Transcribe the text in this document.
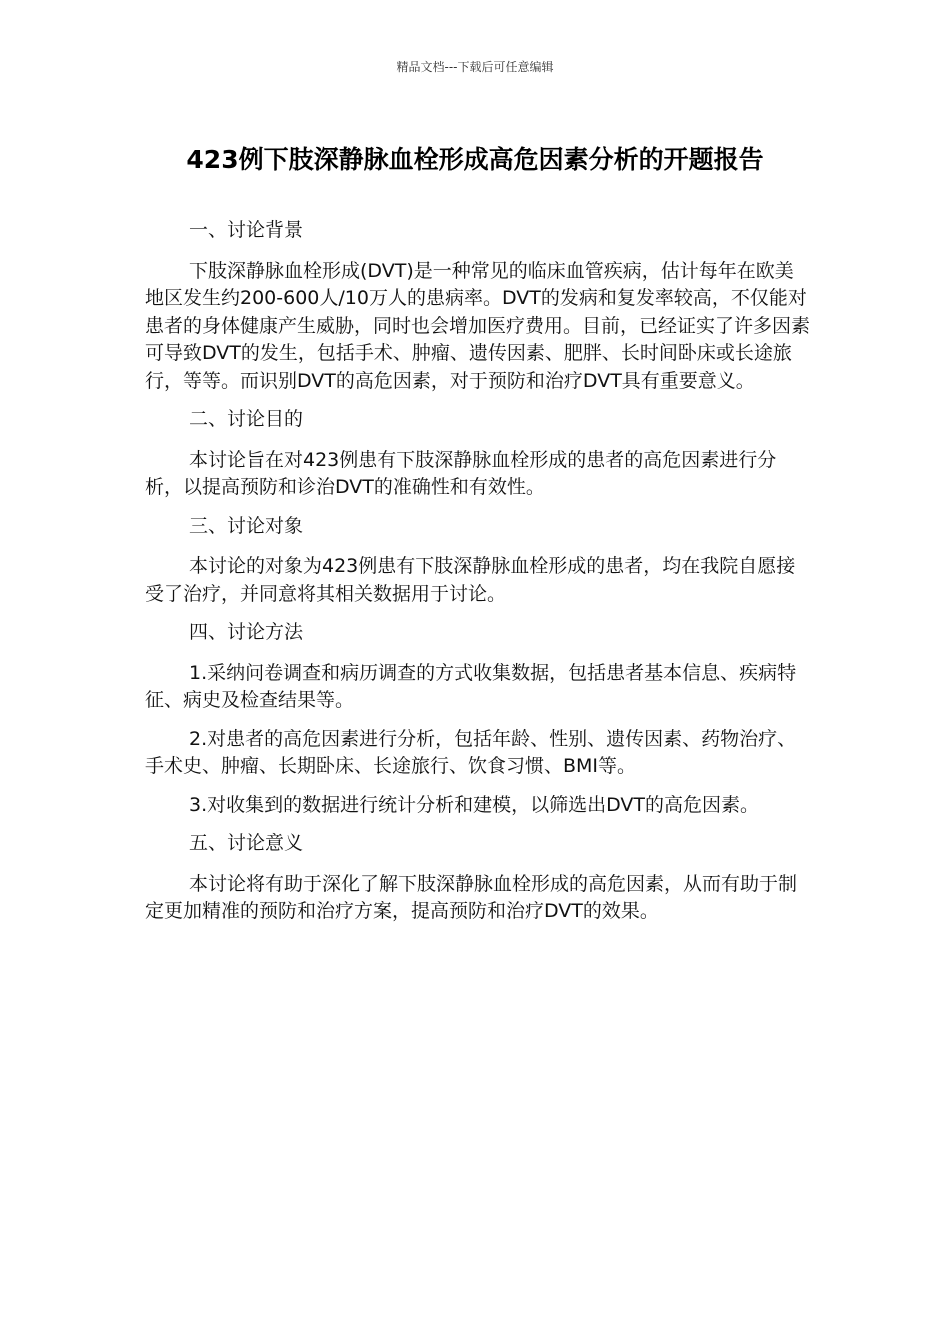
精品文档---下载后可任意编辑
423例下肢深静脉血栓形成高危因素分析的开题报告

一、讨论背景

下肢深静脉血栓形成(DVT)是一种常见的临床血管疾病，估计每年在欧美地区发生约200-600人/10万人的患病率。DVT的发病和复发率较高，不仅能对患者的身体健康产生威胁，同时也会增加医疗费用。目前，已经证实了许多因素可导致DVT的发生，包括手术、肿瘤、遗传因素、肥胖、长时间卧床或长途旅行，等等。而识别DVT的高危因素，对于预防和治疗DVT具有重要意义。

二、讨论目的

本讨论旨在对423例患有下肢深静脉血栓形成的患者的高危因素进行分析，以提高预防和诊治DVT的准确性和有效性。

三、讨论对象

本讨论的对象为423例患有下肢深静脉血栓形成的患者，均在我院自愿接受了治疗，并同意将其相关数据用于讨论。

四、讨论方法

1.采纳问卷调查和病历调查的方式收集数据，包括患者基本信息、疾病特征、病史及检查结果等。

2.对患者的高危因素进行分析，包括年龄、性别、遗传因素、药物治疗、手术史、肿瘤、长期卧床、长途旅行、饮食习惯、BMI等。

3.对收集到的数据进行统计分析和建模，以筛选出DVT的高危因素。

五、讨论意义

本讨论将有助于深化了解下肢深静脉血栓形成的高危因素，从而有助于制定更加精准的预防和治疗方案，提高预防和治疗DVT的效果。
